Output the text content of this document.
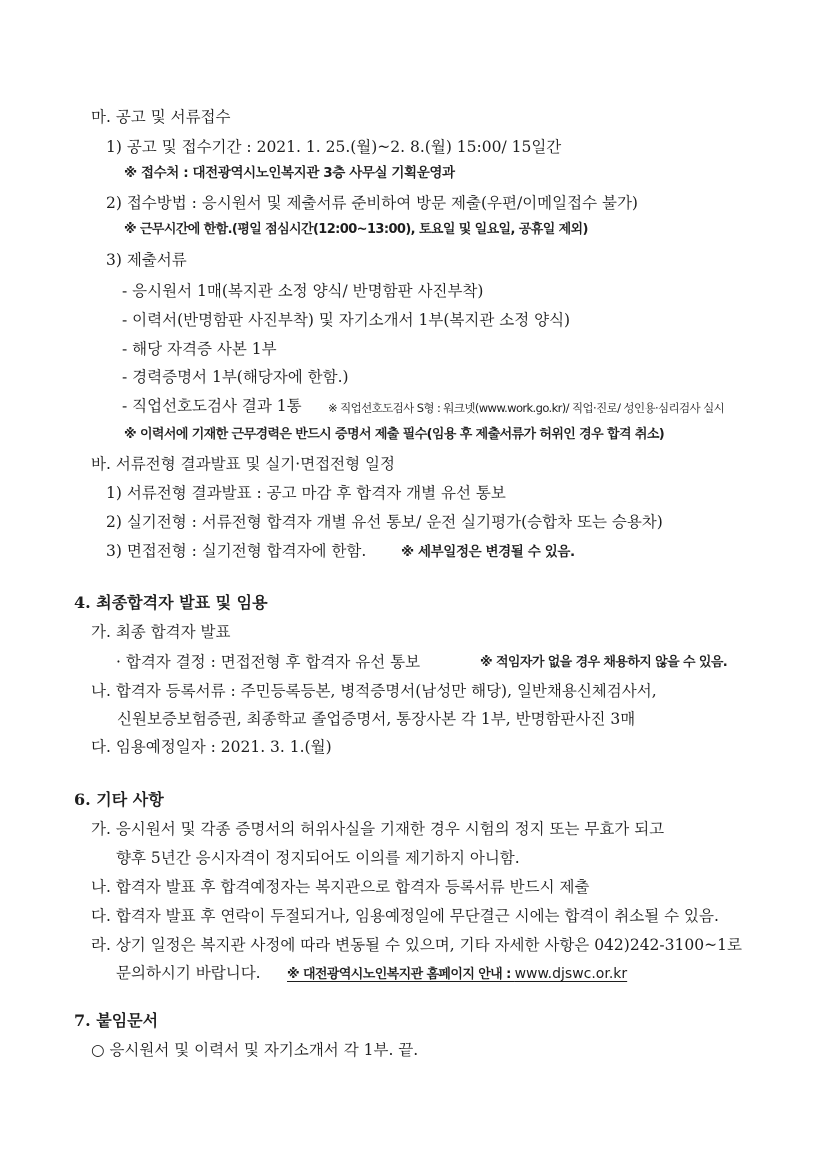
마. 공고 및 서류접수
1) 공고 및 접수기간 : 2021. 1. 25.(월)~2. 8.(월) 15:00/ 15일간
※ 접수처 : 대전광역시노인복지관 3층 사무실 기획운영과
2) 접수방법 : 응시원서 및 제출서류 준비하여 방문 제출(우편/이메일접수 불가)
※ 근무시간에 한함.(평일 점심시간(12:00~13:00), 토요일 및 일요일, 공휴일 제외)
3) 제출서류
- 응시원서 1매(복지관 소정 양식/ 반명함판 사진부착)
- 이력서(반명함판 사진부착) 및 자기소개서 1부(복지관 소정 양식)
- 해당 자격증 사본 1부
- 경력증명서 1부(해당자에 한함.)
- 직업선호도검사 결과 1통 ※ 직업선호도검사 S형 : 워크넷(www.work.go.kr)/ 직업·진로/ 성인용·심리검사 실시
※ 이력서에 기재한 근무경력은 반드시 증명서 제출 필수(임용 후 제출서류가 허위인 경우 합격 취소)
바. 서류전형 결과발표 및 실기·면접전형 일정
1) 서류전형 결과발표 : 공고 마감 후 합격자 개별 유선 통보
2) 실기전형 : 서류전형 합격자 개별 유선 통보/ 운전 실기평가(승합차 또는 승용차)
3) 면접전형 : 실기전형 합격자에 한함.	※ 세부일정은 변경될 수 있음.
4. 최종합격자 발표 및 임용
가. 최종 합격자 발표
· 합격자 결정 : 면접전형 후 합격자 유선 통보	※ 적임자가 없을 경우 채용하지 않을 수 있음.
나. 합격자 등록서류 : 주민등록등본, 병적증명서(남성만 해당), 일반채용신체검사서,
신원보증보험증권, 최종학교 졸업증명서, 통장사본 각 1부, 반명함판사진 3매
다. 임용예정일자 : 2021. 3. 1.(월)
6. 기타 사항
가. 응시원서 및 각종 증명서의 허위사실을 기재한 경우 시험의 정지 또는 무효가 되고
향후 5년간 응시자격이 정지되어도 이의를 제기하지 아니함.
나. 합격자 발표 후 합격예정자는 복지관으로 합격자 등록서류 반드시 제출
다. 합격자 발표 후 연락이 두절되거나, 임용예정일에 무단결근 시에는 합격이 취소될 수 있음.
라. 상기 일정은 복지관 사정에 따라 변동될 수 있으며, 기타 자세한 사항은 042)242-3100~1로
문의하시기 바랍니다. ※ 대전광역시노인복지관 홈페이지 안내 : www.djswc.or.kr
7. 붙임문서
○ 응시원서 및 이력서 및 자기소개서 각 1부. 끝.
